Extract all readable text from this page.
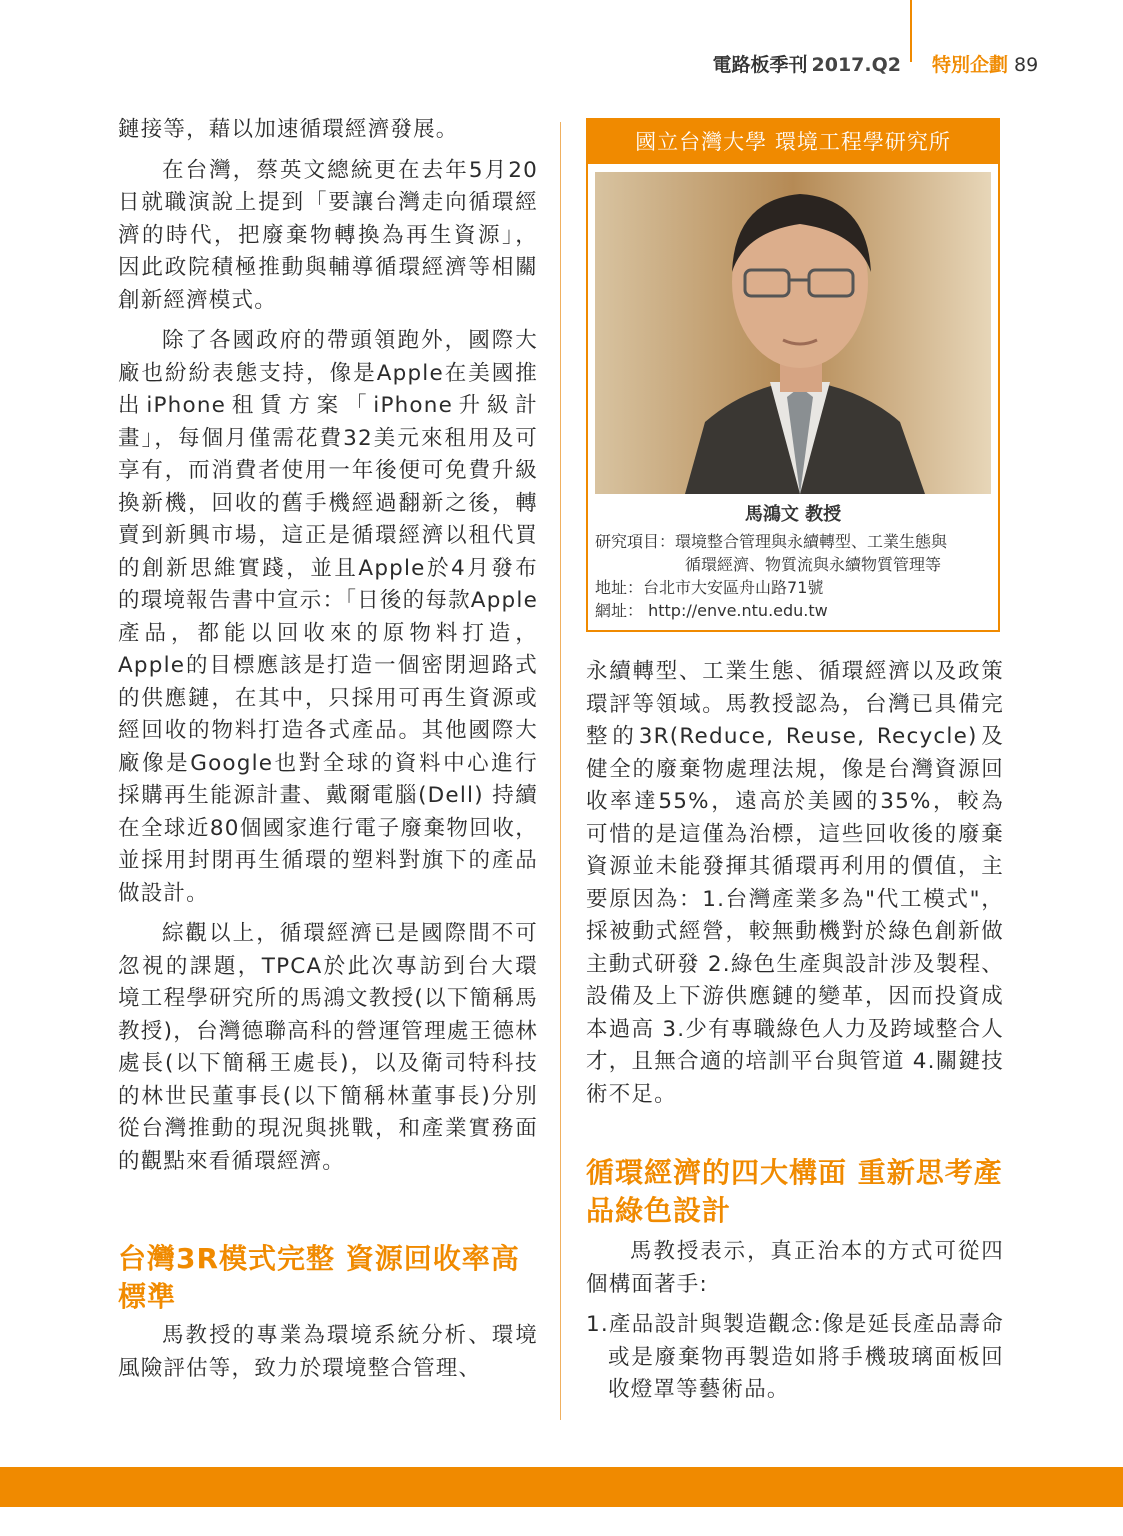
電路板季刊 2017.Q2 特別企劃 89

鏈接等，藉以加速循環經濟發展。

在台灣，蔡英文總統更在去年5月20日就職演說上提到「要讓台灣走向循環經濟的時代，把廢棄物轉換為再生資源」，因此政院積極推動與輔導循環經濟等相關創新經濟模式。

除了各國政府的帶頭領跑外，國際大廠也紛紛表態支持，像是Apple在美國推出iPhone租賃方案「iPhone升級計畫」，每個月僅需花費32美元來租用及可享有，而消費者使用一年後便可免費升級換新機，回收的舊手機經過翻新之後，轉賣到新興市場，這正是循環經濟以租代買的創新思維實踐，並且Apple於4月發布的環境報告書中宣示：「日後的每款Apple產品，都能以回收來的原物料打造，Apple的目標應該是打造一個密閉迴路式的供應鏈，在其中，只採用可再生資源或經回收的物料打造各式產品。其他國際大廠像是Google也對全球的資料中心進行採購再生能源計畫、戴爾電腦(Dell) 持續在全球近80個國家進行電子廢棄物回收，並採用封閉再生循環的塑料對旗下的產品做設計。

綜觀以上，循環經濟已是國際間不可忽視的課題，TPCA於此次專訪到台大環境工程學研究所的馬鴻文教授(以下簡稱馬教授)，台灣德聯高科的營運管理處王德林處長(以下簡稱王處長)，以及衛司特科技的林世民董事長(以下簡稱林董事長)分別從台灣推動的現況與挑戰，和產業實務面的觀點來看循環經濟。

台灣3R模式完整 資源回收率高標準

馬教授的專業為環境系統分析、環境風險評估等，致力於環境整合管理、

國立台灣大學 環境工程學研究所
馬鴻文 教授
研究項目：環境整合管理與永續轉型、工業生態與
循環經濟、物質流與永續物質管理等
地址：台北市大安區舟山路71號
網址： http://enve.ntu.edu.tw

永續轉型、工業生態、循環經濟以及政策環評等領域。馬教授認為，台灣已具備完整的3R(Reduce, Reuse, Recycle)及健全的廢棄物處理法規，像是台灣資源回收率達55%，遠高於美國的35%，較為可惜的是這僅為治標，這些回收後的廢棄資源並未能發揮其循環再利用的價值，主要原因為：1.台灣產業多為"代工模式"，採被動式經營，較無動機對於綠色創新做主動式研發 2.綠色生產與設計涉及製程、設備及上下游供應鏈的變革，因而投資成本過高 3.少有專職綠色人力及跨域整合人才，且無合適的培訓平台與管道 4.關鍵技術不足。

循環經濟的四大構面 重新思考產品綠色設計

馬教授表示，真正治本的方式可從四個構面著手:

1.產品設計與製造觀念:像是延長產品壽命或是廢棄物再製造如將手機玻璃面板回收燈罩等藝術品。
